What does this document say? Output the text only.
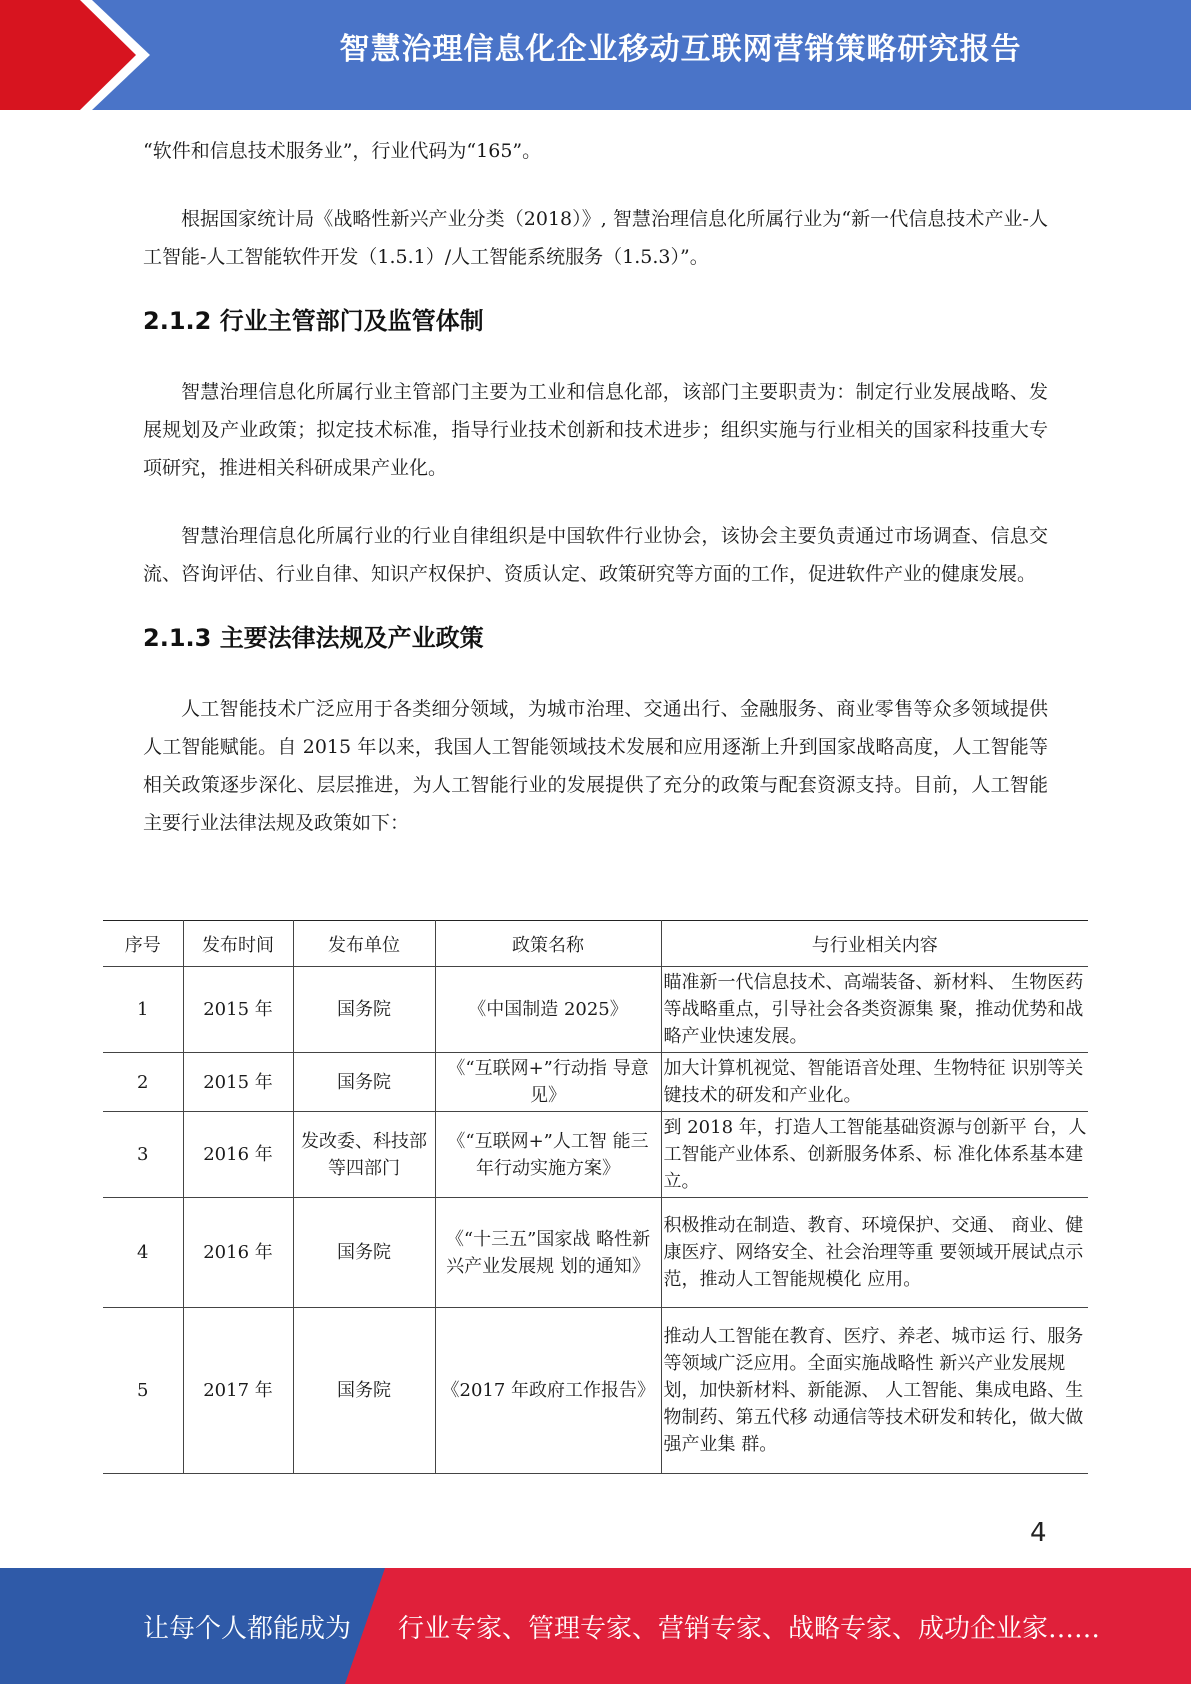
智慧治理信息化企业移动互联网营销策略研究报告

“软件和信息技术服务业”，行业代码为“165”。

根据国家统计局《战略性新兴产业分类（2018）》, 智慧治理信息化所属行业为“新一代信息技术产业-人工智能-人工智能软件开发（1.5.1）/人工智能系统服务（1.5.3）”。

2.1.2 行业主管部门及监管体制

智慧治理信息化所属行业主管部门主要为工业和信息化部，该部门主要职责为：制定行业发展战略、发展规划及产业政策；拟定技术标准，指导行业技术创新和技术进步；组织实施与行业相关的国家科技重大专项研究，推进相关科研成果产业化。

智慧治理信息化所属行业的行业自律组织是中国软件行业协会，该协会主要负责通过市场调查、信息交流、咨询评估、行业自律、知识产权保护、资质认定、政策研究等方面的工作，促进软件产业的健康发展。

2.1.3 主要法律法规及产业政策

人工智能技术广泛应用于各类细分领域，为城市治理、交通出行、金融服务、商业零售等众多领域提供人工智能赋能。自 2015 年以来，我国人工智能领域技术发展和应用逐渐上升到国家战略高度，人工智能等相关政策逐步深化、层层推进，为人工智能行业的发展提供了充分的政策与配套资源支持。目前，人工智能主要行业法律法规及政策如下：

序号	发布时间	发布单位	政策名称	与行业相关内容
1	2015 年	国务院	《中国制造 2025》	瞄准新一代信息技术、高端装备、新材料、 生物医药等战略重点，引导社会各类资源集 聚，推动优势和战略产业快速发展。
2	2015 年	国务院	《“互联网+”行动指 导意见》	加大计算机视觉、智能语音处理、生物特征 识别等关键技术的研发和产业化。
3	2016 年	发改委、科技部等四部门	《“互联网+”人工智 能三年行动实施方案》	到 2018 年，打造人工智能基础资源与创新平 台，人工智能产业体系、创新服务体系、标 准化体系基本建立。
4	2016 年	国务院	《“十三五”国家战 略性新兴产业发展规 划的通知》	积极推动在制造、教育、环境保护、交通、 商业、健康医疗、网络安全、社会治理等重 要领域开展试点示范，推动人工智能规模化 应用。
5	2017 年	国务院	《2017 年政府工作报告》	推动人工智能在教育、医疗、养老、城市运 行、服务等领域广泛应用。全面实施战略性 新兴产业发展规划，加快新材料、新能源、 人工智能、集成电路、生物制药、第五代移 动通信等技术研发和转化，做大做强产业集 群。
4
让每个人都能成为 行业专家、管理专家、营销专家、战略专家、成功企业家……
